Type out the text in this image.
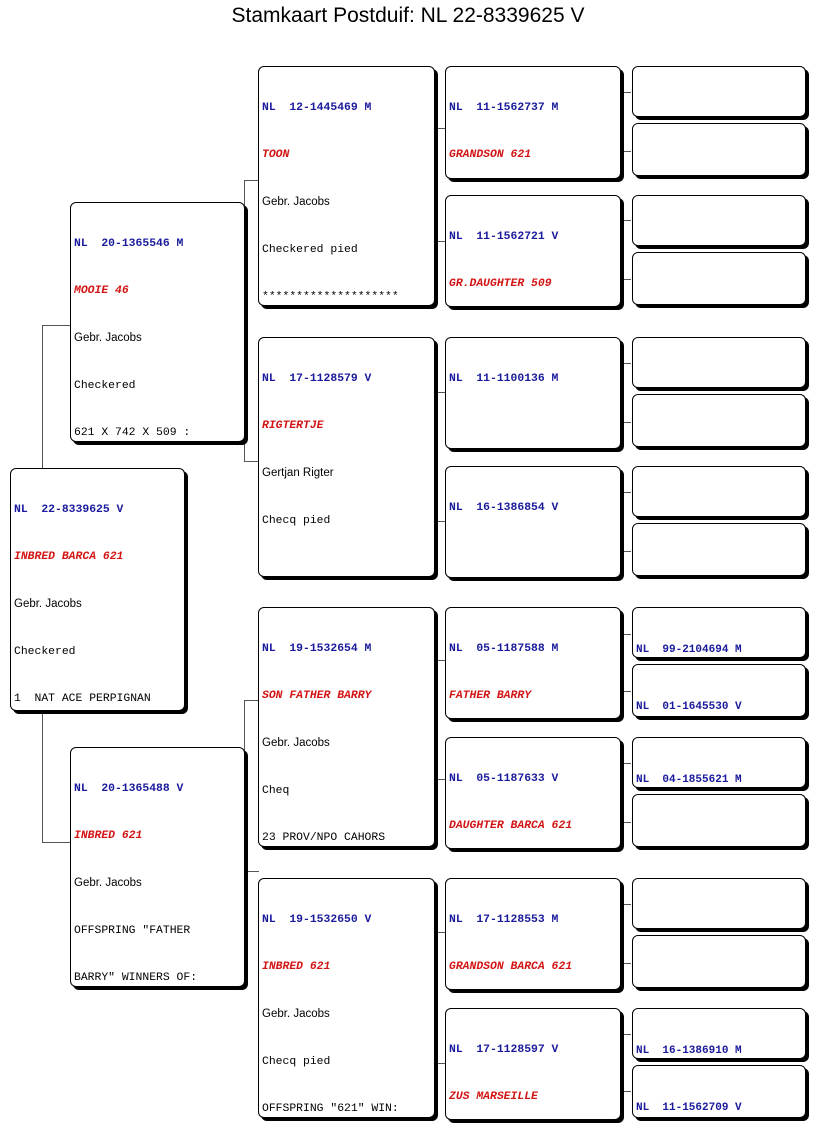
Stamkaart Postduif: NL 22-8339625 V

NL  22-8339625 V

INBRED BARCA 621

Gebr. Jacobs

Checkered

1  NAT ACE PERPIGNAN

NL  20-1365546 M

MOOIE 46

Gebr. Jacobs

Checkered

621 X 742 X 509 :

NL  20-1365488 V

INBRED 621

Gebr. Jacobs

OFFSPRING "FATHER

BARRY" WINNERS OF:

NL  12-1445469 M

TOON

Gebr. Jacobs

Checkered pied

********************

NL  17-1128579 V

RIGTERTJE

Gertjan Rigter

Checq pied

NL  19-1532654 M

SON FATHER BARRY

Gebr. Jacobs

Cheq

23 PROV/NPO CAHORS

NL  19-1532650 V

INBRED 621

Gebr. Jacobs

Checq pied

OFFSPRING "621" WIN:

NL  11-1562737 M

GRANDSON 621

NL  11-1562721 V

GR.DAUGHTER 509

NL  11-1100136 M

NL  16-1386854 V

NL  05-1187588 M

FATHER BARRY

NL  05-1187633 V

DAUGHTER BARCA 621

NL  17-1128553 M

GRANDSON BARCA 621

NL  17-1128597 V

ZUS MARSEILLE

NL  99-2104694 M

NL  01-1645530 V

NL  04-1855621 M

NL  16-1386910 M

NL  11-1562709 V
